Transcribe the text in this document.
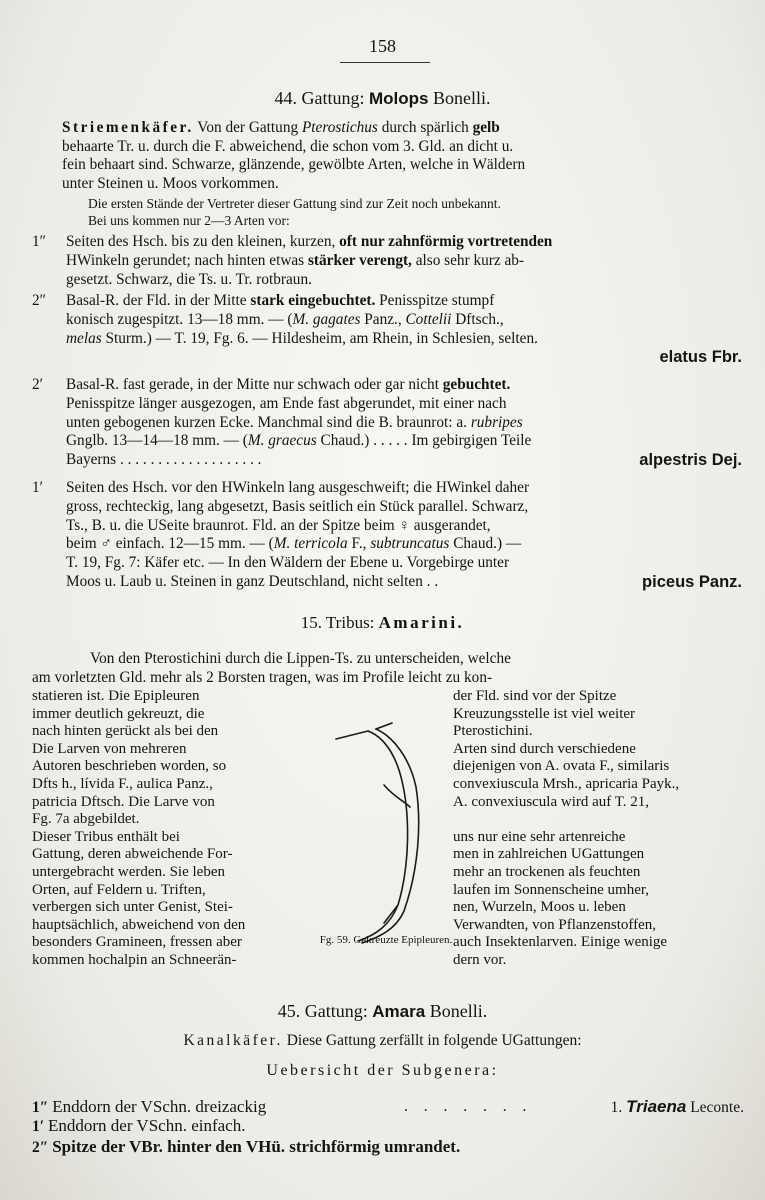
158
44. Gattung: Molops Bonelli.
Striemenkäfer. Von der Gattung Pterostichus durch spärlich gelb
behaarte Tr. u. durch die F. abweichend, die schon vom 3. Gld. an dicht u.
fein behaart sind. Schwarze, glänzende, gewölbte Arten, welche in Wäldern
unter Steinen u. Moos vorkommen.
Die ersten Stände der Vertreter dieser Gattung sind zur Zeit noch unbekannt.
Bei uns kommen nur 2—3 Arten vor:
1″	Seiten des Hsch. bis zu den kleinen, kurzen, oft nur zahnförmig vortretenden
HWinkeln gerundet; nach hinten etwas stärker verengt, also sehr kurz ab-
gesetzt. Schwarz, die Ts. u. Tr. rotbraun.
2″	Basal-R. der Fld. in der Mitte stark eingebuchtet. Penisspitze stumpf
konisch zugespitzt. 13—18 mm. — (M. gagates Panz., Cottelii Dftsch.,
melas Sturm.) — T. 19, Fg. 6. — Hildesheim, am Rhein, in Schlesien, selten.
elatus Fbr.
2′	Basal-R. fast gerade, in der Mitte nur schwach oder gar nicht gebuchtet.
Penisspitze länger ausgezogen, am Ende fast abgerundet, mit einer nach
unten gebogenen kurzen Ecke. Manchmal sind die B. braunrot: a. rubripes
Gnglb. 13—14—18 mm. — (M. graecus Chaud.) . . . . . Im gebirgigen Teile
Bayerns . . . . . . . . . . . . . . . . . . .	alpestris Dej.
1′	Seiten des Hsch. vor den HWinkeln lang ausgeschweift; die HWinkel daher
gross, rechteckig, lang abgesetzt, Basis seitlich ein Stück parallel. Schwarz,
Ts., B. u. die USeite braunrot. Fld. an der Spitze beim ♀ ausgerandet,
beim ♂ einfach. 12—15 mm. — (M. terricola F., subtruncatus Chaud.) —
T. 19, Fg. 7: Käfer etc. — In den Wäldern der Ebene u. Vorgebirge unter
Moos u. Laub u. Steinen in ganz Deutschland, nicht selten . .	piceus Panz.
15. Tribus: Amarini.
Von den Pterostichini durch die Lippen-Ts. zu unterscheiden, welche
am vorletzten Gld. mehr als 2 Borsten tragen, was im Profile leicht zu kon-
statieren ist. Die Epipleuren
immer deutlich gekreuzt, die
nach hinten gerückt als bei den
Die Larven von mehreren
Autoren beschrieben worden, so
Dfts h., lívida F., aulica Panz.,
patricia Dftsch. Die Larve von
Fg. 7a abgebildet.
Dieser Tribus enthält bei
Gattung, deren abweichende For-
untergebracht werden. Sie leben
Orten, auf Feldern u. Triften,
verbergen sich unter Genist, Stei-
hauptsächlich, abweichend von den
besonders Gramineen, fressen aber
kommen hochalpin an Schneerän-
der Fld. sind vor der Spitze
Kreuzungsstelle ist viel weiter
Pterostichini.
Arten sind durch verschiedene
diejenigen von A. ovata F., similaris
convexiuscula Mrsh., apricaria Payk.,
A. convexiuscula wird auf T. 21,

uns nur eine sehr artenreiche
men in zahlreichen UGattungen
mehr an trockenen als feuchten
laufen im Sonnenscheine umher,
nen, Wurzeln, Moos u. leben
Verwandten, von Pflanzenstoffen,
auch Insektenlarven. Einige wenige
dern vor.
Fg. 59. Gekreuzte Epipleuren.
45. Gattung: Amara Bonelli.
Kanalkäfer. Diese Gattung zerfällt in folgende UGattungen:
Uebersicht der Subgenera:
1″ Enddorn der VSchn. dreizackig	. . . . . . .	1. Triaena Leconte.
1′ Enddorn der VSchn. einfach.
2″ Spitze der VBr. hinter den VHü. strichförmig umrandet.
